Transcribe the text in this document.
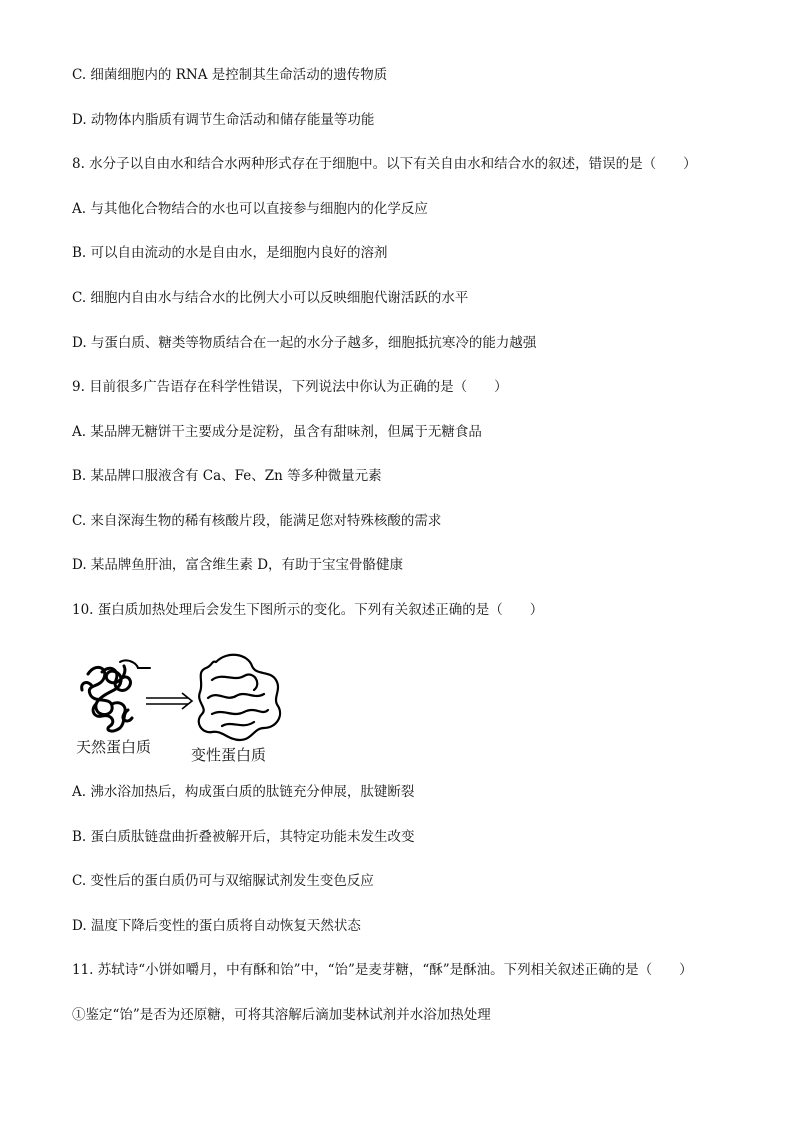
C. 细菌细胞内的 RNA 是控制其生命活动的遗传物质
D. 动物体内脂质有调节生命活动和储存能量等功能
8. 水分子以自由水和结合水两种形式存在于细胞中。以下有关自由水和结合水的叙述，错误的是（　　）
A. 与其他化合物结合的水也可以直接参与细胞内的化学反应
B. 可以自由流动的水是自由水，是细胞内良好的溶剂
C. 细胞内自由水与结合水的比例大小可以反映细胞代谢活跃的水平
D. 与蛋白质、糖类等物质结合在一起的水分子越多，细胞抵抗寒冷的能力越强
9. 目前很多广告语存在科学性错误，下列说法中你认为正确的是（　　）
A. 某品牌无糖饼干主要成分是淀粉，虽含有甜味剂，但属于无糖食品
B. 某品牌口服液含有 Ca、Fe、Zn 等多种微量元素
C. 来自深海生物的稀有核酸片段，能满足您对特殊核酸的需求
D. 某品牌鱼肝油，富含维生素 D，有助于宝宝骨骼健康
10. 蛋白质加热处理后会发生下图所示的变化。下列有关叙述正确的是（　　）
天然蛋白质	变性蛋白质
A. 沸水浴加热后，构成蛋白质的肽链充分伸展，肽键断裂
B. 蛋白质肽链盘曲折叠被解开后，其特定功能未发生改变
C. 变性后的蛋白质仍可与双缩脲试剂发生变色反应
D. 温度下降后变性的蛋白质将自动恢复天然状态
11. 苏轼诗“小饼如嚼月，中有酥和饴”中，“饴”是麦芽糖，“酥”是酥油。下列相关叙述正确的是（　　）
①鉴定“饴”是否为还原糖，可将其溶解后滴加斐林试剂并水浴加热处理
